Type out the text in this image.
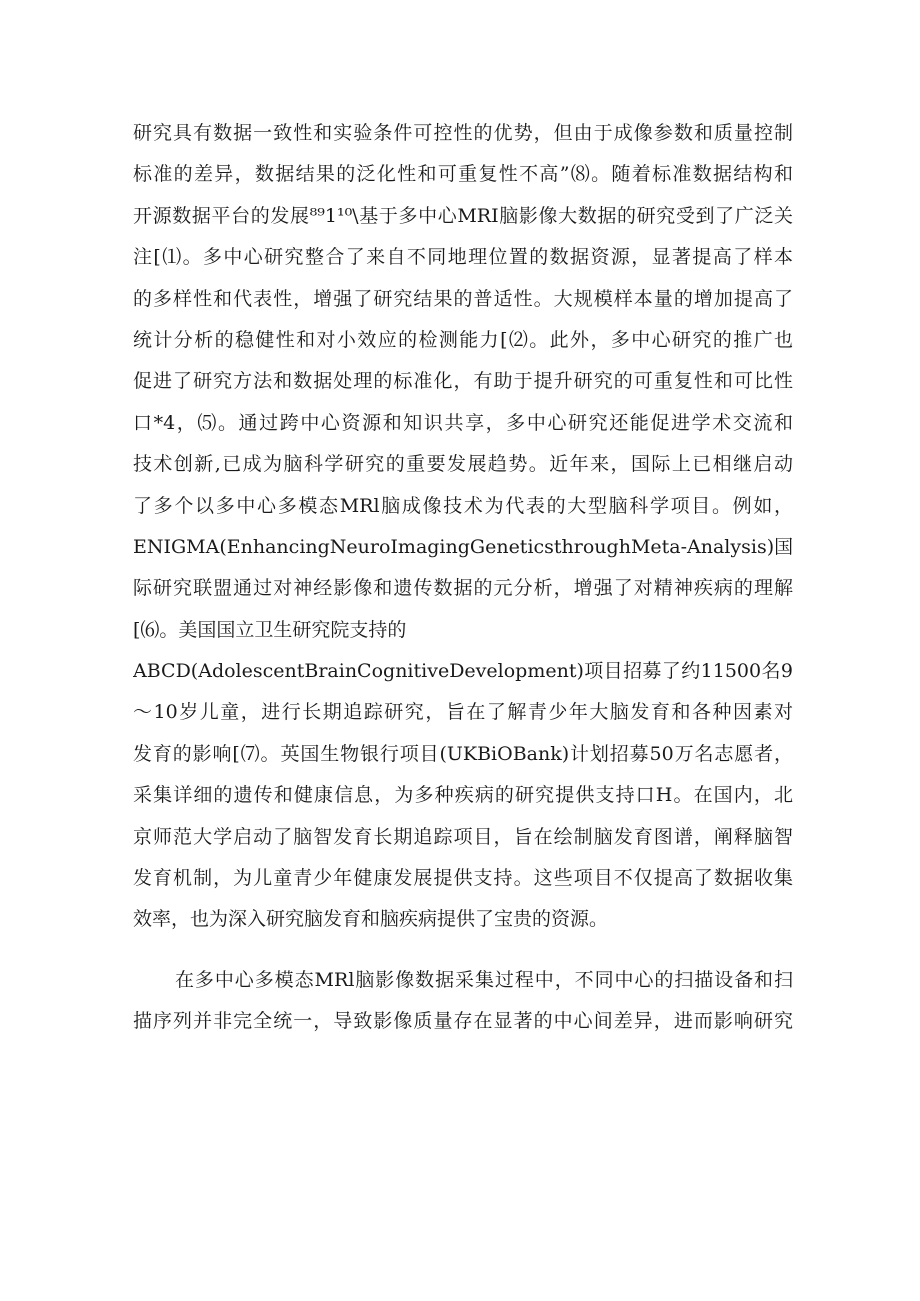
研究具有数据一致性和实验条件可控性的优势，但由于成像参数和质量控制
标准的差异，数据结果的泛化性和可重复性不高”⑻。随着标准数据结构和
开源数据平台的发展⁸⁹1¹⁰\基于多中心MRI脑影像大数据的研究受到了广泛关
注[⑴。多中心研究整合了来自不同地理位置的数据资源，显著提高了样本
的多样性和代表性，增强了研究结果的普适性。大规模样本量的增加提高了
统计分析的稳健性和对小效应的检测能力[⑵。此外，多中心研究的推广也
促进了研究方法和数据处理的标准化，有助于提升研究的可重复性和可比性
口*4，⑸。通过跨中心资源和知识共享，多中心研究还能促进学术交流和
技术创新,已成为脑科学研究的重要发展趋势。近年来，国际上已相继启动
了多个以多中心多模态MRl脑成像技术为代表的大型脑科学项目。例如，
ENIGMA(EnhancingNeuroImagingGeneticsthroughMeta-Analysis)国
际研究联盟通过对神经影像和遗传数据的元分析，增强了对精神疾病的理解
[⑹。美国国立卫生研究院支持的
ABCD(AdolescentBrainCognitiveDevelopment)项目招募了约11500名9
～10岁儿童，进行长期追踪研究，旨在了解青少年大脑发育和各种因素对
发育的影响[⑺。英国生物银行项目(UKBiOBank)计划招募50万名志愿者，
采集详细的遗传和健康信息，为多种疾病的研究提供支持口H。在国内，北
京师范大学启动了脑智发育长期追踪项目，旨在绘制脑发育图谱，阐释脑智
发育机制，为儿童青少年健康发展提供支持。这些项目不仅提高了数据收集
效率，也为深入研究脑发育和脑疾病提供了宝贵的资源。
在多中心多模态MRl脑影像数据采集过程中，不同中心的扫描设备和扫
描序列并非完全统一，导致影像质量存在显著的中心间差异，进而影响研究
